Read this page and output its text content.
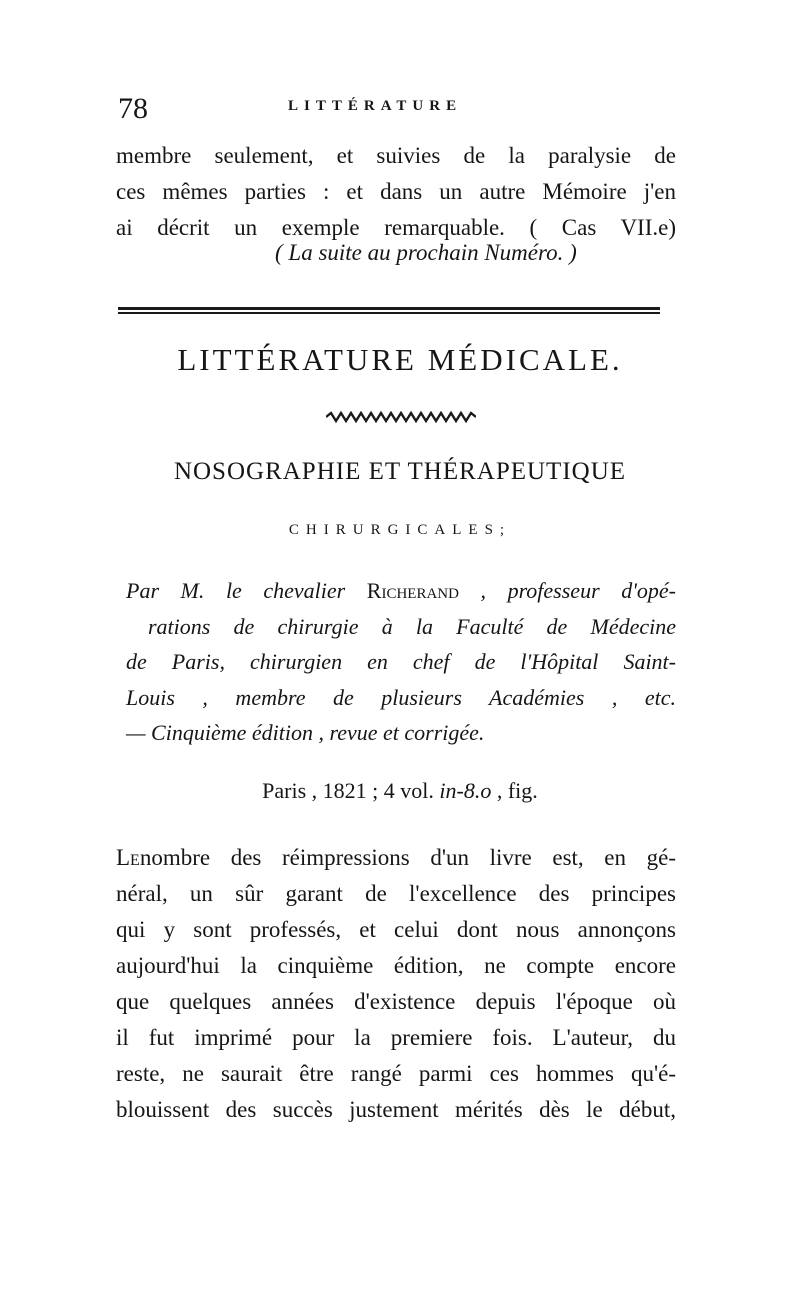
78	LITTÉRATURE
membre seulement, et suivies de la paralysie de
ces mêmes parties : et dans un autre Mémoire j'en
ai décrit un exemple remarquable. ( Cas VII.e)
( La suite au prochain Numéro. )
LITTÉRATURE MÉDICALE.
NOSOGRAPHIE ET THÉRAPEUTIQUE
CHIRURGICALES;
Par M. le chevalier Richerand , professeur d'opé-
rations de chirurgie à la Faculté de Médecine
de Paris, chirurgien en chef de l'Hôpital Saint-
Louis , membre de plusieurs Académies , etc.
— Cinquième édition , revue et corrigée.
Paris , 1821 ; 4 vol. in-8.o , fig.
Lenombre des réimpressions d'un livre est, en gé-
néral, un sûr garant de l'excellence des principes
qui y sont professés, et celui dont nous annonçons
aujourd'hui la cinquième édition, ne compte encore
que quelques années d'existence depuis l'époque où
il fut imprimé pour la premiere fois. L'auteur, du
reste, ne saurait être rangé parmi ces hommes qu'é-
blouissent des succès justement mérités dès le début,
